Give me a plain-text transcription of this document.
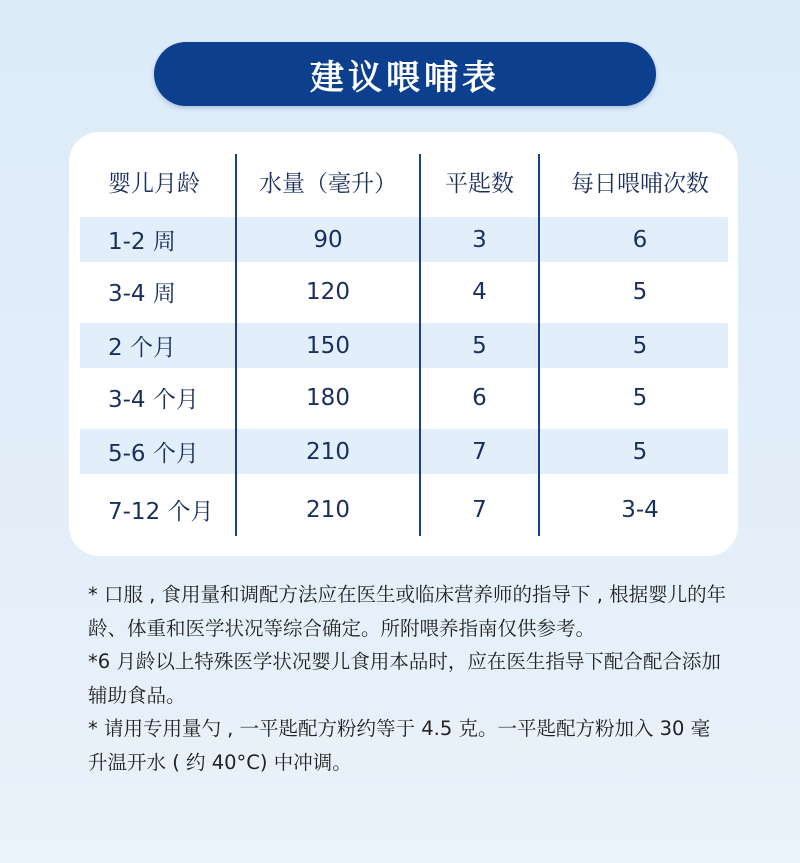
建议喂哺表
婴儿月龄	水量（毫升）	平匙数	每日喂哺次数
1-2 周	90	3	6
3-4 周	120	4	5
2 个月	150	5	5
3-4 个月	180	6	5
5-6 个月	210	7	5
7-12 个月	210	7	3-4

* 口服 , 食用量和调配方法应在医生或临床营养师的指导下 , 根据婴儿的年龄、体重和医学状况等综合确定。所附喂养指南仅供参考。

*6 月龄以上特殊医学状况婴儿食用本品时，应在医生指导下配合配合添加辅助食品。

* 请用专用量勺 , 一平匙配方粉约等于 4.5 克。一平匙配方粉加入 30 毫升温开水 ( 约 40°C) 中冲调。
